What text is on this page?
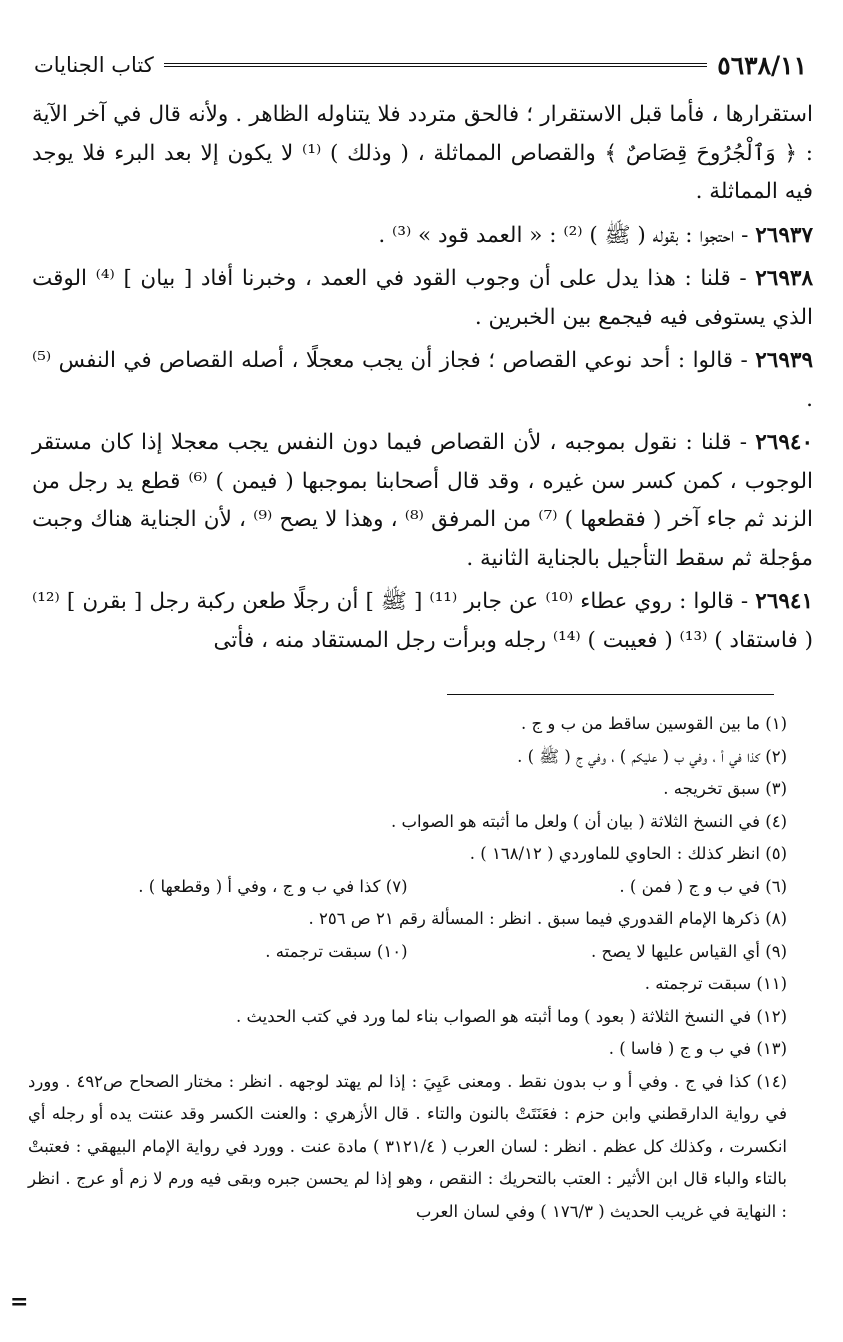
٥٦٣٨/١١
كتاب الجنايات

استقرارها ، فأما قبل الاستقرار ؛ فالحق متردد فلا يتناوله الظاهر . ولأنه قال في آخر الآية : ﴿ وَٱلْجُرُوحَ قِصَاصٌ ﴾ والقصاص المماثلة ، ( وذلك ) ⁽¹⁾ لا يكون إلا بعد البرء فلا يوجد فيه المماثلة .

٢٦٩٣٧ - احتجوا : بقوله ( ﷺ ) ⁽²⁾ : « العمد قود » ⁽³⁾ .

٢٦٩٣٨ - قلنا : هذا يدل على أن وجوب القود في العمد ، وخبرنا أفاد [ بيان ] ⁽⁴⁾ الوقت الذي يستوفى فيه فيجمع بين الخبرين .

٢٦٩٣٩ - قالوا : أحد نوعي القصاص ؛ فجاز أن يجب معجلًا ، أصله القصاص في النفس ⁽⁵⁾ .

٢٦٩٤٠ - قلنا : نقول بموجبه ، لأن القصاص فيما دون النفس يجب معجلا إذا كان مستقر الوجوب ، كمن كسر سن غيره ، وقد قال أصحابنا بموجبها ( فيمن ) ⁽⁶⁾ قطع يد رجل من الزند ثم جاء آخر ( فقطعها ) ⁽⁷⁾ من المرفق ⁽⁸⁾ ، وهذا لا يصح ⁽⁹⁾ ، لأن الجناية هناك وجبت مؤجلة ثم سقط التأجيل بالجناية الثانية .

٢٦٩٤١ - قالوا : روي عطاء ⁽¹⁰⁾ عن جابر ⁽¹¹⁾ [ ﷺ ] أن رجلًا طعن ركبة رجل [ بقرن ] ⁽¹²⁾ ( فاستقاد ) ⁽¹³⁾ ( فعيبت ) ⁽¹⁴⁾ رجله وبرأت رجل المستقاد منه ، فأتى

(١) ما بين القوسين ساقط من ب و ج .

(٢) كذا في أ ، وفي ب ( عليكم ) ، وفي ج ( ﷺ ) .

(٣) سبق تخريجه .

(٤) في النسخ الثلاثة ( بيان أن ) ولعل ما أثبته هو الصواب .

(٥) انظر كذلك : الحاوي للماوردي ( ١٦٨/١٢ ) .

(٦) في ب و ج ( فمن ) .

(٧) كذا في ب و ج ، وفي أ ( وقطعها ) .

(٨) ذكرها الإمام القدوري فيما سبق . انظر : المسألة رقم ٢١ ص ٢٥٦ .

(٩) أي القياس عليها لا يصح .

(١٠) سبقت ترجمته .

(١١) سبقت ترجمته .

(١٢) في النسخ الثلاثة ( بعود ) وما أثبته هو الصواب بناء لما ورد في كتب الحديث .

(١٣) في ب و ج ( فاسا ) .

(١٤) كذا في ج . وفي أ و ب بدون نقط . ومعنى عَيِيَ : إذا لم يهتد لوجهه . انظر : مختار الصحاح ص٤٩٢ . وورد في رواية الدارقطني وابن حزم : فعَنَتَتْ بالنون والتاء . قال الأزهري : والعنت الكسر وقد عنتت يده أو رجله أي انكسرت ، وكذلك كل عظم . انظر : لسان العرب ( ٣١٢١/٤ ) مادة عنت . وورد في رواية الإمام البيهقي : فعتبتْ بالتاء والباء قال ابن الأثير : العتب بالتحريك : النقص ، وهو إذا لم يحسن جبره وبقى فيه ورم لا زم أو عرج . انظر : النهاية في غريب الحديث ( ١٧٦/٣ ) وفي لسان العرب

=
